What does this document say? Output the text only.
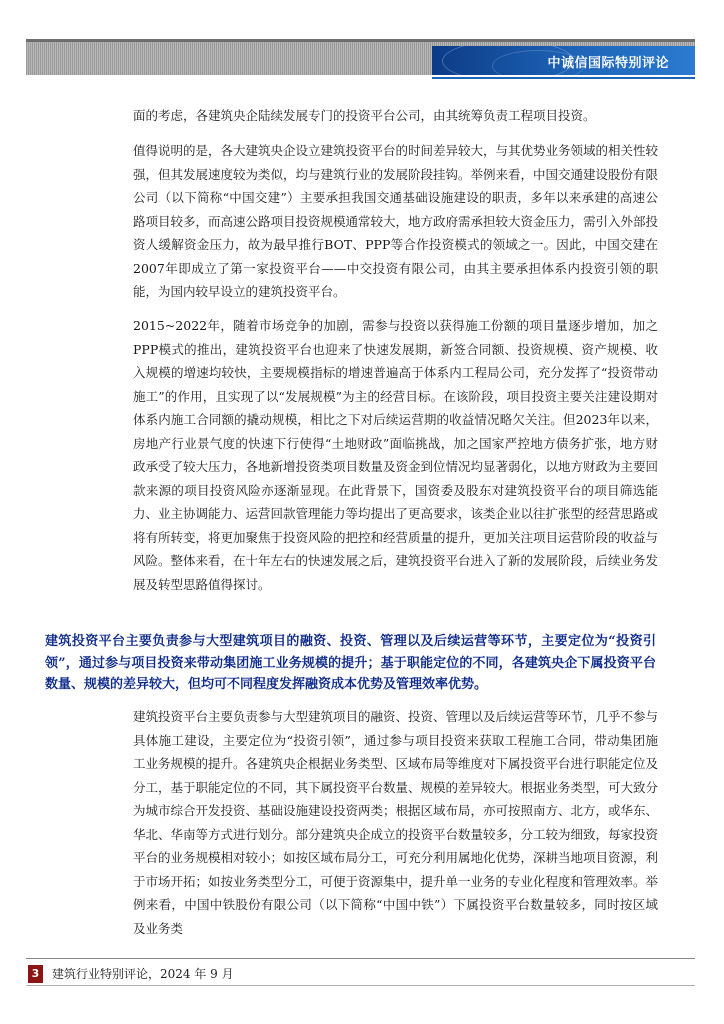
中诚信国际特别评论

面的考虑，各建筑央企陆续发展专门的投资平台公司，由其统筹负责工程项目投资。

值得说明的是，各大建筑央企设立建筑投资平台的时间差异较大，与其优势业务领域的相关性较强，但其发展速度较为类似，均与建筑行业的发展阶段挂钩。举例来看，中国交通建设股份有限公司（以下简称“中国交建”）主要承担我国交通基础设施建设的职责，多年以来承建的高速公路项目较多，而高速公路项目投资规模通常较大，地方政府需承担较大资金压力，需引入外部投资人缓解资金压力，故为最早推行BOT、PPP等合作投资模式的领域之一。因此，中国交建在2007年即成立了第一家投资平台——中交投资有限公司，由其主要承担体系内投资引领的职能，为国内较早设立的建筑投资平台。

2015~2022年，随着市场竞争的加剧，需参与投资以获得施工份额的项目量逐步增加，加之PPP模式的推出，建筑投资平台也迎来了快速发展期，新签合同额、投资规模、资产规模、收入规模的增速均较快，主要规模指标的增速普遍高于体系内工程局公司，充分发挥了“投资带动施工”的作用，且实现了以“发展规模”为主的经营目标。在该阶段，项目投资主要关注建设期对体系内施工合同额的撬动规模，相比之下对后续运营期的收益情况略欠关注。但2023年以来，房地产行业景气度的快速下行使得“土地财政”面临挑战，加之国家严控地方债务扩张，地方财政承受了较大压力，各地新增投资类项目数量及资金到位情况均显著弱化，以地方财政为主要回款来源的项目投资风险亦逐渐显现。在此背景下，国资委及股东对建筑投资平台的项目筛选能力、业主协调能力、运营回款管理能力等均提出了更高要求，该类企业以往扩张型的经营思路或将有所转变，将更加聚焦于投资风险的把控和经营质量的提升，更加关注项目运营阶段的收益与风险。整体来看，在十年左右的快速发展之后，建筑投资平台进入了新的发展阶段，后续业务发展及转型思路值得探讨。

建筑投资平台主要负责参与大型建筑项目的融资、投资、管理以及后续运营等环节，主要定位为“投资引领”，通过参与项目投资来带动集团施工业务规模的提升；基于职能定位的不同，各建筑央企下属投资平台数量、规模的差异较大，但均可不同程度发挥融资成本优势及管理效率优势。

建筑投资平台主要负责参与大型建筑项目的融资、投资、管理以及后续运营等环节，几乎不参与具体施工建设，主要定位为“投资引领”，通过参与项目投资来获取工程施工合同，带动集团施工业务规模的提升。各建筑央企根据业务类型、区域布局等维度对下属投资平台进行职能定位及分工，基于职能定位的不同，其下属投资平台数量、规模的差异较大。根据业务类型，可大致分为城市综合开发投资、基础设施建设投资两类；根据区域布局，亦可按照南方、北方，或华东、华北、华南等方式进行划分。部分建筑央企成立的投资平台数量较多，分工较为细致，每家投资平台的业务规模相对较小；如按区域布局分工，可充分利用属地化优势，深耕当地项目资源，利于市场开拓；如按业务类型分工，可便于资源集中，提升单一业务的专业化程度和管理效率。举例来看，中国中铁股份有限公司（以下简称“中国中铁”）下属投资平台数量较多，同时按区域及业务类

3	建筑行业特别评论，2024 年 9 月
